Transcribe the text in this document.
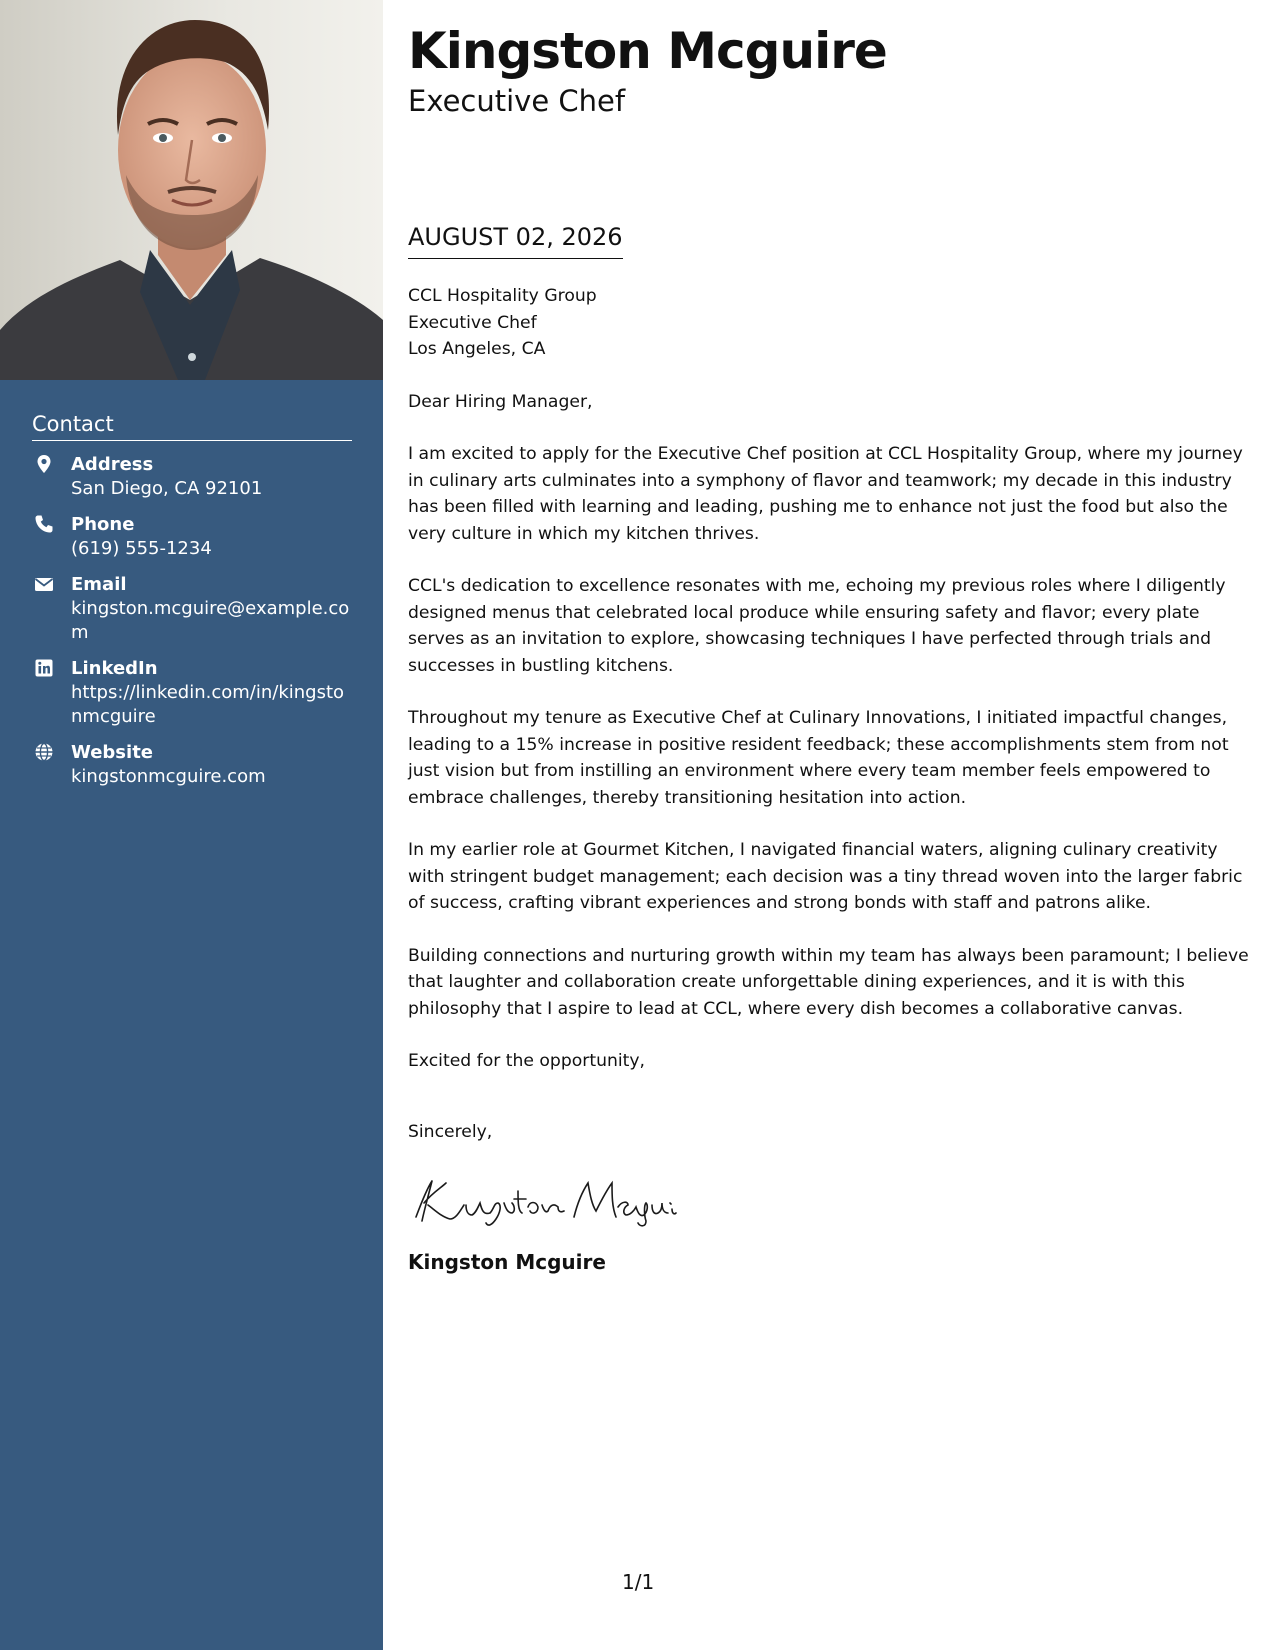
Contact
Address
San Diego, CA 92101
Phone
(619) 555-1234
Email
kingston.mcguire@example.com
LinkedIn
https://linkedin.com/in/kingstonmcguire
Website
kingstonmcguire.com
Kingston Mcguire
Executive Chef
AUGUST 02, 2026
CCL Hospitality Group
Executive Chef
Los Angeles, CA
Dear Hiring Manager,

I am excited to apply for the Executive Chef position at CCL Hospitality Group, where my journey in culinary arts culminates into a symphony of flavor and teamwork; my decade in this industry has been filled with learning and leading, pushing me to enhance not just the food but also the very culture in which my kitchen thrives.

CCL's dedication to excellence resonates with me, echoing my previous roles where I diligently designed menus that celebrated local produce while ensuring safety and flavor; every plate serves as an invitation to explore, showcasing techniques I have perfected through trials and successes in bustling kitchens.

Throughout my tenure as Executive Chef at Culinary Innovations, I initiated impactful changes, leading to a 15% increase in positive resident feedback; these accomplishments stem from not just vision but from instilling an environment where every team member feels empowered to embrace challenges, thereby transitioning hesitation into action.

In my earlier role at Gourmet Kitchen, I navigated financial waters, aligning culinary creativity with stringent budget management; each decision was a tiny thread woven into the larger fabric of success, crafting vibrant experiences and strong bonds with staff and patrons alike.

Building connections and nurturing growth within my team has always been paramount; I believe that laughter and collaboration create unforgettable dining experiences, and it is with this philosophy that I aspire to lead at CCL, where every dish becomes a collaborative canvas.

Excited for the opportunity,
Sincerely,
Kingston Mcguire
1/1
